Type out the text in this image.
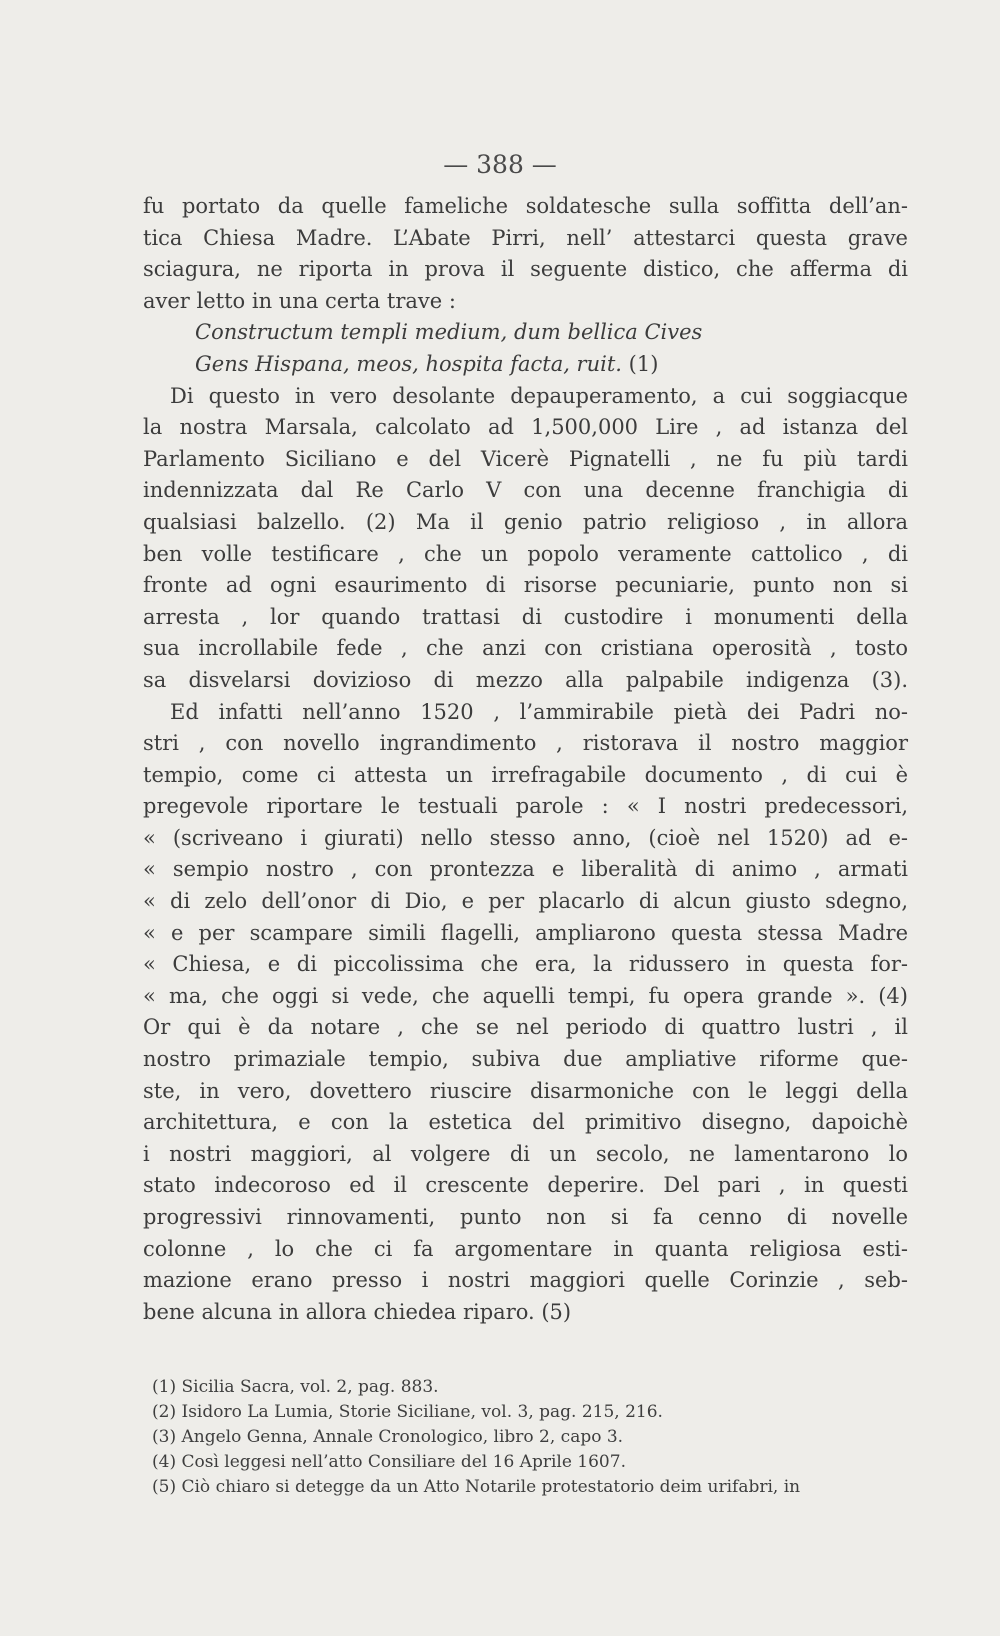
— 388 —
fu portato da quelle fameliche soldatesche sulla soffitta dell’an-
tica Chiesa Madre. L’Abate Pirri, nell’ attestarci questa grave
sciagura, ne riporta in prova il seguente distico, che afferma di
aver letto in una certa trave :
Constructum templi medium, dum bellica Cives
Gens Hispana, meos, hospita facta, ruit. (1)
Di questo in vero desolante depauperamento, a cui soggiacque
la nostra Marsala, calcolato ad 1,500,000 Lire , ad istanza del
Parlamento Siciliano e del Vicerè Pignatelli , ne fu più tardi
indennizzata dal Re Carlo V con una decenne franchigia di
qualsiasi balzello. (2) Ma il genio patrio religioso , in allora
ben volle testificare , che un popolo veramente cattolico , di
fronte ad ogni esaurimento di risorse pecuniarie, punto non si
arresta , lor quando trattasi di custodire i monumenti della
sua incrollabile fede , che anzi con cristiana operosità , tosto
sa disvelarsi dovizioso di mezzo alla palpabile indigenza (3).
Ed infatti nell’anno 1520 , l’ammirabile pietà dei Padri no-
stri , con novello ingrandimento , ristorava il nostro maggior
tempio, come ci attesta un irrefragabile documento , di cui è
pregevole riportare le testuali parole : « I nostri predecessori,
« (scriveano i giurati) nello stesso anno, (cioè nel 1520) ad e-
« sempio nostro , con prontezza e liberalità di animo , armati
« di zelo dell’onor di Dio, e per placarlo di alcun giusto sdegno,
« e per scampare simili flagelli, ampliarono questa stessa Madre
« Chiesa, e di piccolissima che era, la ridussero in questa for-
« ma, che oggi si vede, che aquelli tempi, fu opera grande ». (4)
Or qui è da notare , che se nel periodo di quattro lustri , il
nostro primaziale tempio, subiva due ampliative riforme que-
ste, in vero, dovettero riuscire disarmoniche con le leggi della
architettura, e con la estetica del primitivo disegno, dapoichè
i nostri maggiori, al volgere di un secolo, ne lamentarono lo
stato indecoroso ed il crescente deperire. Del pari , in questi
progressivi rinnovamenti, punto non si fa cenno di novelle
colonne , lo che ci fa argomentare in quanta religiosa esti-
mazione erano presso i nostri maggiori quelle Corinzie , seb-
bene alcuna in allora chiedea riparo. (5)
(1) Sicilia Sacra, vol. 2, pag. 883.
(2) Isidoro La Lumia, Storie Siciliane, vol. 3, pag. 215, 216.
(3) Angelo Genna, Annale Cronologico, libro 2, capo 3.
(4) Così leggesi nell’atto Consiliare del 16 Aprile 1607.
(5) Ciò chiaro si detegge da un Atto Notarile protestatorio deim urifabri, in
